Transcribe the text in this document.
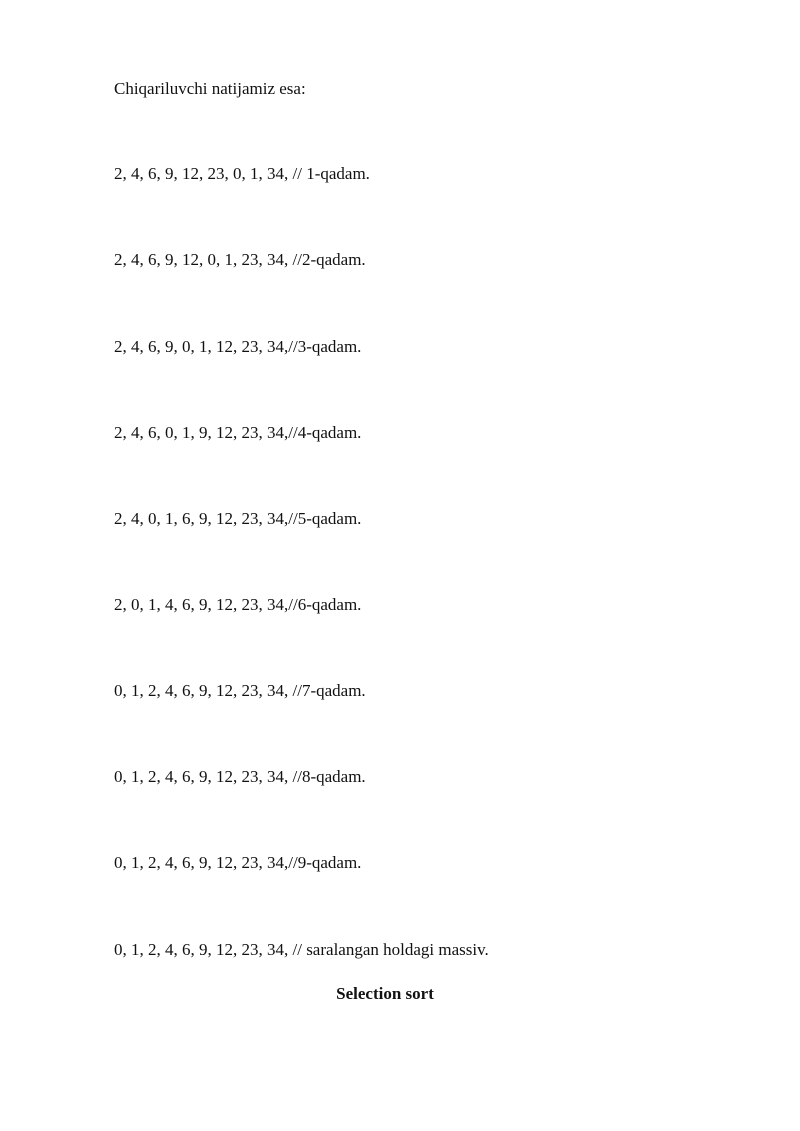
Chiqariluvchi natijamiz esa:
2, 4, 6, 9, 12, 23, 0, 1, 34, // 1-qadam.
2, 4, 6, 9, 12, 0, 1, 23, 34, //2-qadam.
2, 4, 6, 9, 0, 1, 12, 23, 34,//3-qadam.
2, 4, 6, 0, 1, 9, 12, 23, 34,//4-qadam.
2, 4, 0, 1, 6, 9, 12, 23, 34,//5-qadam.
2, 0, 1, 4, 6, 9, 12, 23, 34,//6-qadam.
0, 1, 2, 4, 6, 9, 12, 23, 34, //7-qadam.
0, 1, 2, 4, 6, 9, 12, 23, 34, //8-qadam.
0, 1, 2, 4, 6, 9, 12, 23, 34,//9-qadam.
0, 1, 2, 4, 6, 9, 12, 23, 34, // saralangan holdagi massiv.
Selection sort
